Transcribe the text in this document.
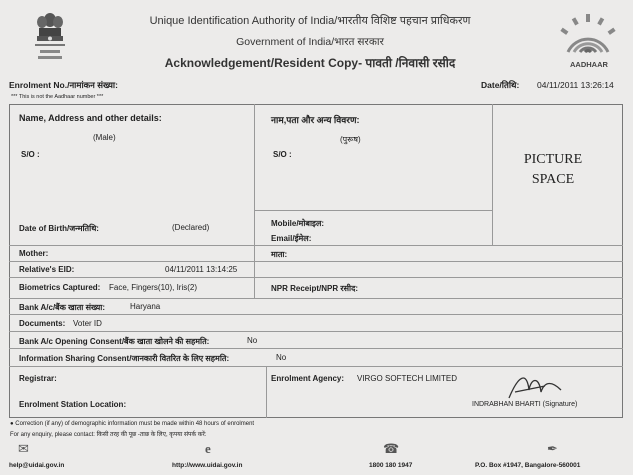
Unique Identification Authority of India/भारतीय विशिष्ट पहचान प्राधिकरण
Government of India/भारत सरकार
Acknowledgement/Resident Copy- पावती /निवासी रसीद	AADHAAR
Enrolment No./नामांकन संख्या:
*** This is not the Aadhaar number ***
Date/तिथि: 04/11/2011 13:26:14
Name, Address and other details:	नाम,पता और अन्य विवरण:
(Male)	(पुरूष)
S/O :	S/O :	PICTURE
SPACE
Date of Birth/जन्मतिथि:	(Declared)	Mobile/मोबाइल:
Email/ईमेल:
Mother:	माता:
Relative's EID:	04/11/2011 13:14:25
Biometrics Captured: Face, Fingers(10), Iris(2)	NPR Receipt/NPR रसीद:
Bank A/c/बैंक खाता संख्या:	Haryana
Documents: Voter ID
Bank A/c Opening Consent/बैंक खाता खोलने की सहमति:	No
Information Sharing Consent/जानकारी वितरित के लिए सहमति:	No
Registrar:	Enrolment Agency: VIRGO SOFTECH LIMITED
Enrolment Station Location:	INDRABHAN BHARTI (Signature)
● Correction (if any) of demographic information must be made within 48 hours of enrolment
For any enquiry, please contact: किसी तरह की पूछ -ताछ के लिए, कृपया संपर्क करें:
✉	e	☎	✒
help@uidai.gov.in	http://www.uidai.gov.in	1800 180 1947	P.O. Box #1947, Bangalore-560001
